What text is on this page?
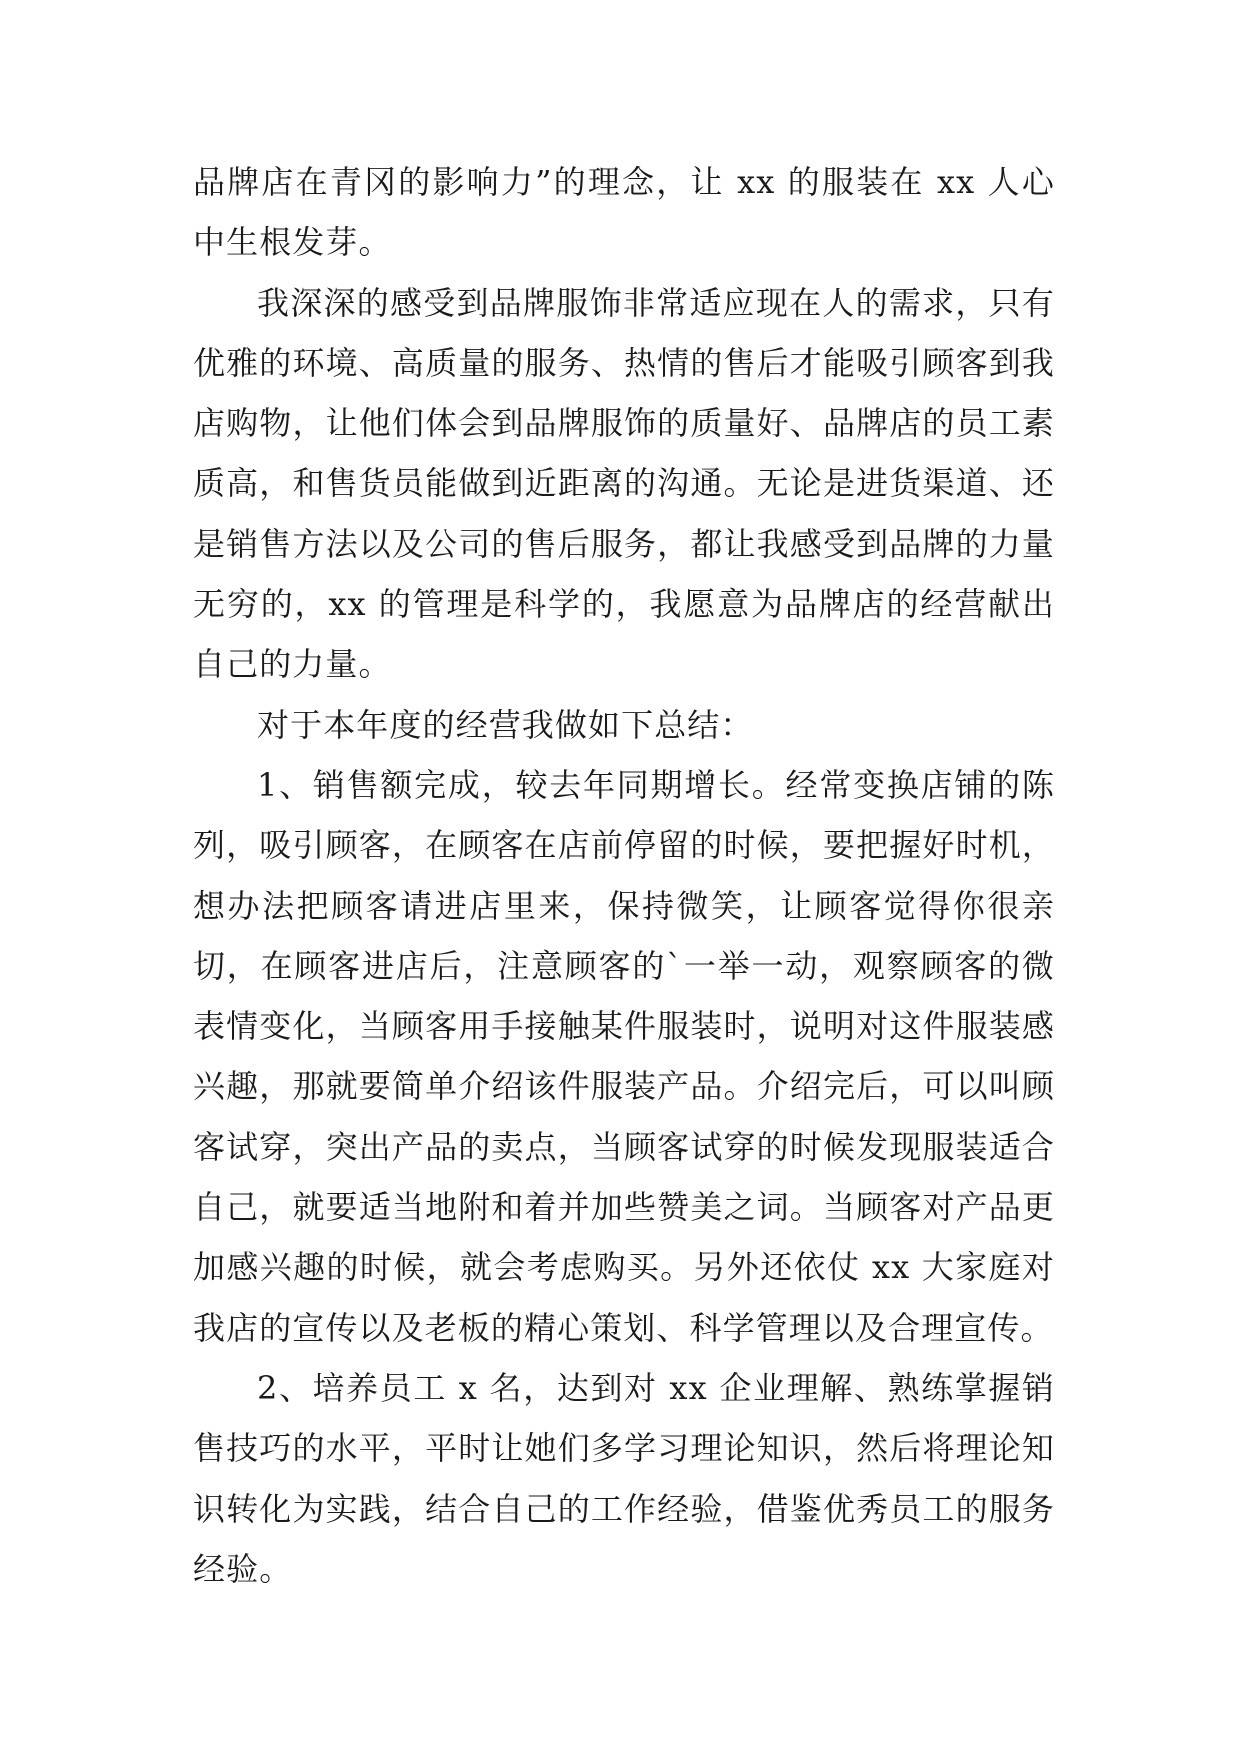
品牌店在青冈的影响力”的理念，让 xx 的服装在 xx 人心中生根发芽。

我深深的感受到品牌服饰非常适应现在人的需求，只有优雅的环境、高质量的服务、热情的售后才能吸引顾客到我店购物，让他们体会到品牌服饰的质量好、品牌店的员工素质高，和售货员能做到近距离的沟通。无论是进货渠道、还是销售方法以及公司的售后服务，都让我感受到品牌的力量无穷的，xx 的管理是科学的，我愿意为品牌店的经营献出自己的力量。

对于本年度的经营我做如下总结：

1、销售额完成，较去年同期增长。经常变换店铺的陈列，吸引顾客，在顾客在店前停留的时候，要把握好时机，想办法把顾客请进店里来，保持微笑，让顾客觉得你很亲切，在顾客进店后，注意顾客的`一举一动，观察顾客的微表情变化，当顾客用手接触某件服装时，说明对这件服装感兴趣，那就要简单介绍该件服装产品。介绍完后，可以叫顾客试穿，突出产品的卖点，当顾客试穿的时候发现服装适合自己，就要适当地附和着并加些赞美之词。当顾客对产品更加感兴趣的时候，就会考虑购买。另外还依仗 xx 大家庭对我店的宣传以及老板的精心策划、科学管理以及合理宣传。

2、培养员工 x 名，达到对 xx 企业理解、熟练掌握销售技巧的水平，平时让她们多学习理论知识，然后将理论知识转化为实践，结合自己的工作经验，借鉴优秀员工的服务经验。
